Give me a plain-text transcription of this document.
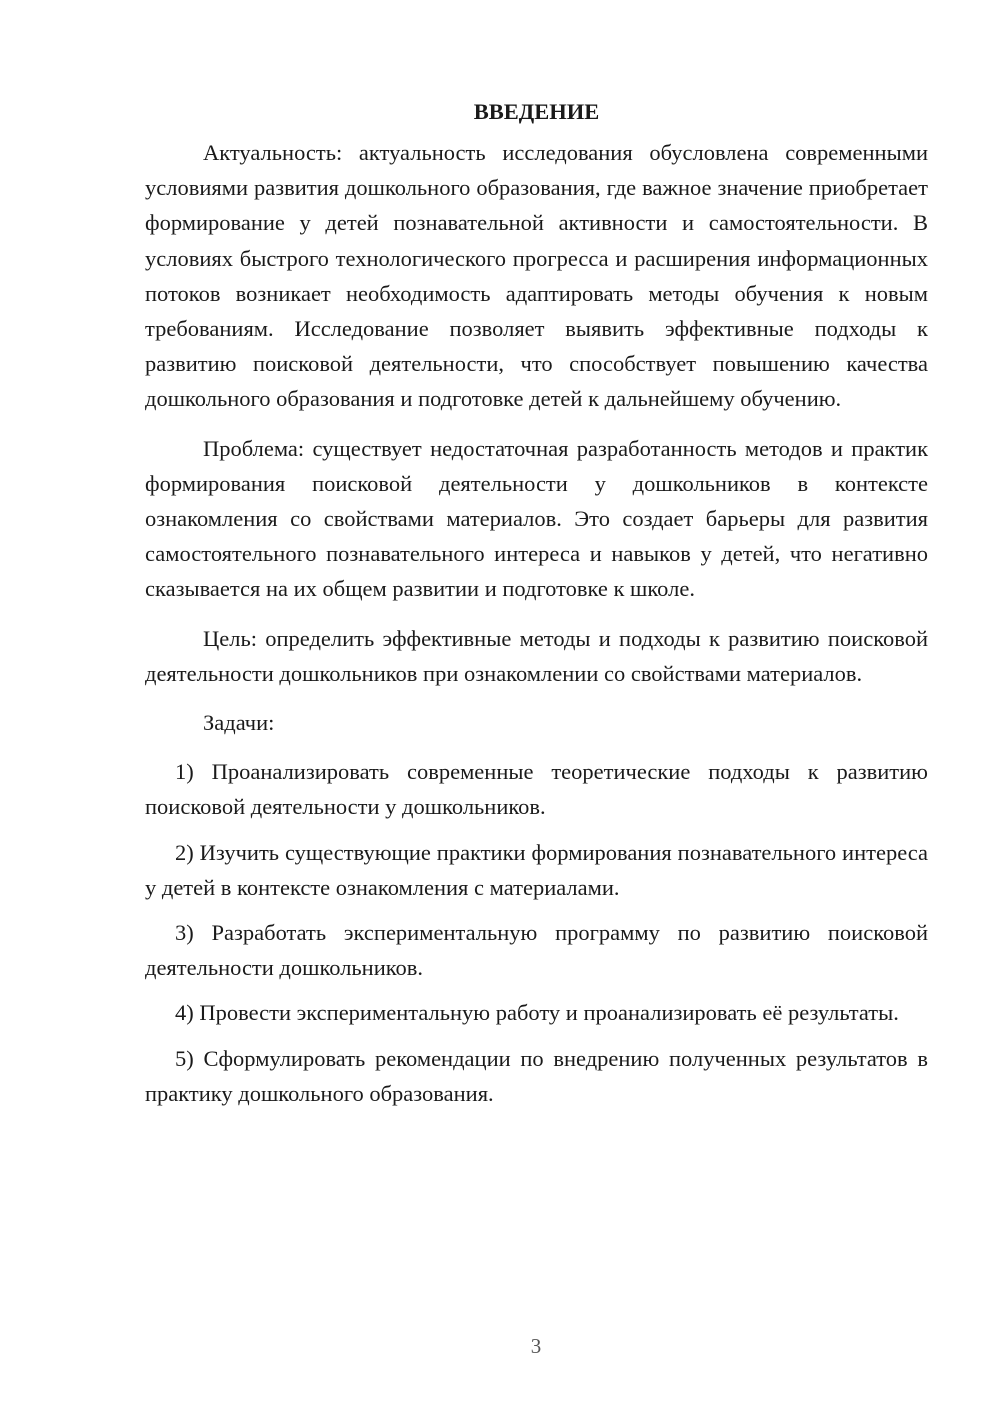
ВВЕДЕНИЕ

Актуальность: актуальность исследования обусловлена современными условиями развития дошкольного образования, где важное значение приобретает формирование у детей познавательной активности и самостоятельности. В условиях быстрого технологического прогресса и расширения информационных потоков возникает необходимость адаптировать методы обучения к новым требованиям. Исследование позволяет выявить эффективные подходы к развитию поисковой деятельности, что способствует повышению качества дошкольного образования и подготовке детей к дальнейшему обучению.

Проблема: существует недостаточная разработанность методов и практик формирования поисковой деятельности у дошкольников в контексте ознакомления со свойствами материалов. Это создает барьеры для развития самостоятельного познавательного интереса и навыков у детей, что негативно сказывается на их общем развитии и подготовке к школе.

Цель: определить эффективные методы и подходы к развитию поисковой деятельности дошкольников при ознакомлении со свойствами материалов.

Задачи:

1) Проанализировать современные теоретические подходы к развитию поисковой деятельности у дошкольников.
2) Изучить существующие практики формирования познавательного интереса у детей в контексте ознакомления с материалами.
3) Разработать экспериментальную программу по развитию поисковой деятельности дошкольников.
4) Провести экспериментальную работу и проанализировать её результаты.
5) Сформулировать рекомендации по внедрению полученных результатов в практику дошкольного образования.
3
